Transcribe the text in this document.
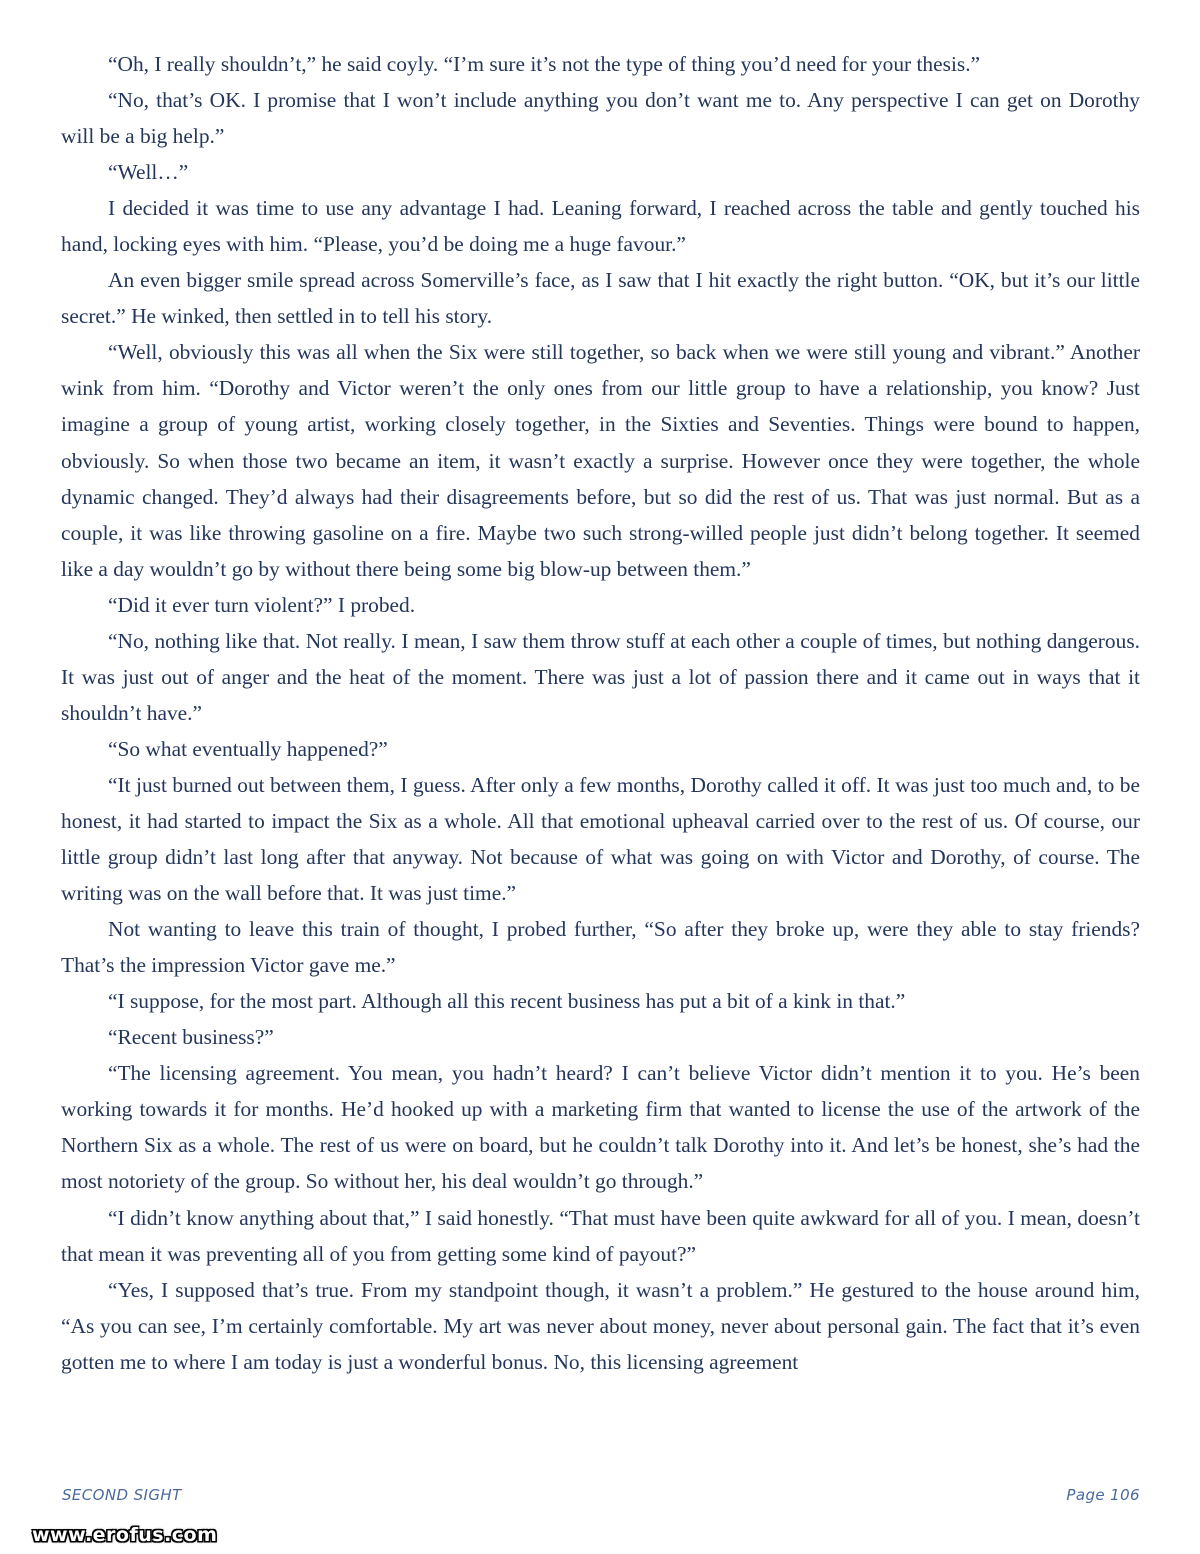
“Oh, I really shouldn’t,” he said coyly. “I’m sure it’s not the type of thing you’d need for your thesis.”

“No, that’s OK. I promise that I won’t include anything you don’t want me to. Any perspective I can get on Dorothy will be a big help.”

“Well…”

I decided it was time to use any advantage I had. Leaning forward, I reached across the table and gently touched his hand, locking eyes with him. “Please, you’d be doing me a huge favour.”

An even bigger smile spread across Somerville’s face, as I saw that I hit exactly the right button. “OK, but it’s our little secret.” He winked, then settled in to tell his story.

“Well, obviously this was all when the Six were still together, so back when we were still young and vibrant.” Another wink from him. “Dorothy and Victor weren’t the only ones from our little group to have a relationship, you know? Just imagine a group of young artist, working closely together, in the Sixties and Seventies. Things were bound to happen, obviously. So when those two became an item, it wasn’t exactly a surprise. However once they were together, the whole dynamic changed. They’d always had their disagreements before, but so did the rest of us. That was just normal. But as a couple, it was like throwing gasoline on a fire. Maybe two such strong-willed people just didn’t belong together. It seemed like a day wouldn’t go by without there being some big blow-up between them.”

“Did it ever turn violent?” I probed.

“No, nothing like that. Not really. I mean, I saw them throw stuff at each other a couple of times, but nothing dangerous. It was just out of anger and the heat of the moment. There was just a lot of passion there and it came out in ways that it shouldn’t have.”

“So what eventually happened?”

“It just burned out between them, I guess. After only a few months, Dorothy called it off. It was just too much and, to be honest, it had started to impact the Six as a whole. All that emotional upheaval carried over to the rest of us. Of course, our little group didn’t last long after that anyway. Not because of what was going on with Victor and Dorothy, of course. The writing was on the wall before that. It was just time.”

Not wanting to leave this train of thought, I probed further, “So after they broke up, were they able to stay friends? That’s the impression Victor gave me.”

“I suppose, for the most part. Although all this recent business has put a bit of a kink in that.”

“Recent business?”

“The licensing agreement. You mean, you hadn’t heard? I can’t believe Victor didn’t mention it to you. He’s been working towards it for months. He’d hooked up with a marketing firm that wanted to license the use of the artwork of the Northern Six as a whole. The rest of us were on board, but he couldn’t talk Dorothy into it. And let’s be honest, she’s had the most notoriety of the group. So without her, his deal wouldn’t go through.”

“I didn’t know anything about that,” I said honestly. “That must have been quite awkward for all of you. I mean, doesn’t that mean it was preventing all of you from getting some kind of payout?”

“Yes, I supposed that’s true. From my standpoint though, it wasn’t a problem.” He gestured to the house around him, “As you can see, I’m certainly comfortable. My art was never about money, never about personal gain. The fact that it’s even gotten me to where I am today is just a wonderful bonus. No, this licensing agreement

SECOND SIGHT	Page 106
www.erofus.com
